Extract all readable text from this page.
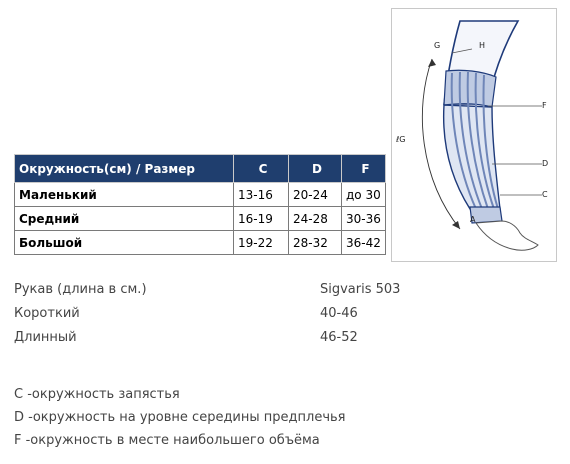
Окружность(см) / Размер	C	D	F
Маленький	13-16	20-24	до 30
Средний	16-19	24-28	30-36
Большой	19-22	28-32	36-42
G	H
F
D
C
A
ℓG
Рукав (длина в см.)	Sigvaris 503
Короткий	40-46
Длинный	46-52
С -окружность запястья
D -окружность на уровне середины предплечья
F -окружность в месте наибольшего объёма
